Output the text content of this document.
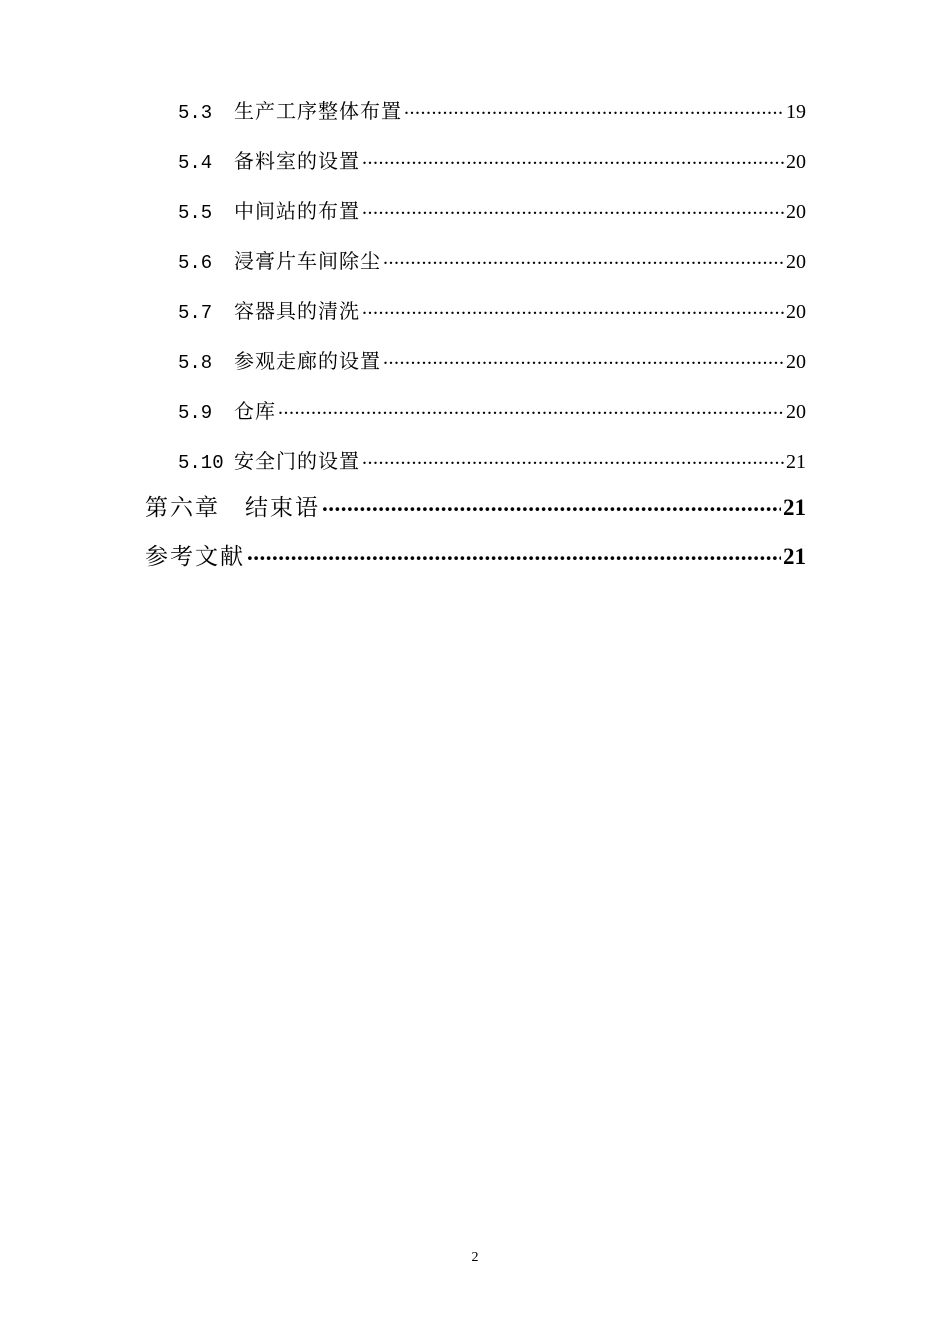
5.3	生产工序整体布置 .....	19
5.4	备料室的设置 .....	20
5.5	中间站的布置 .....	20
5.6	浸膏片车间除尘 .....	20
5.7	容器具的清洗 .....	20
5.8	参观走廊的设置 .....	20
5.9	仓库 .....	20
5.10 安全门的设置 .....	21
第六章　结束语 .....	21
参考文献 .....	21
2
